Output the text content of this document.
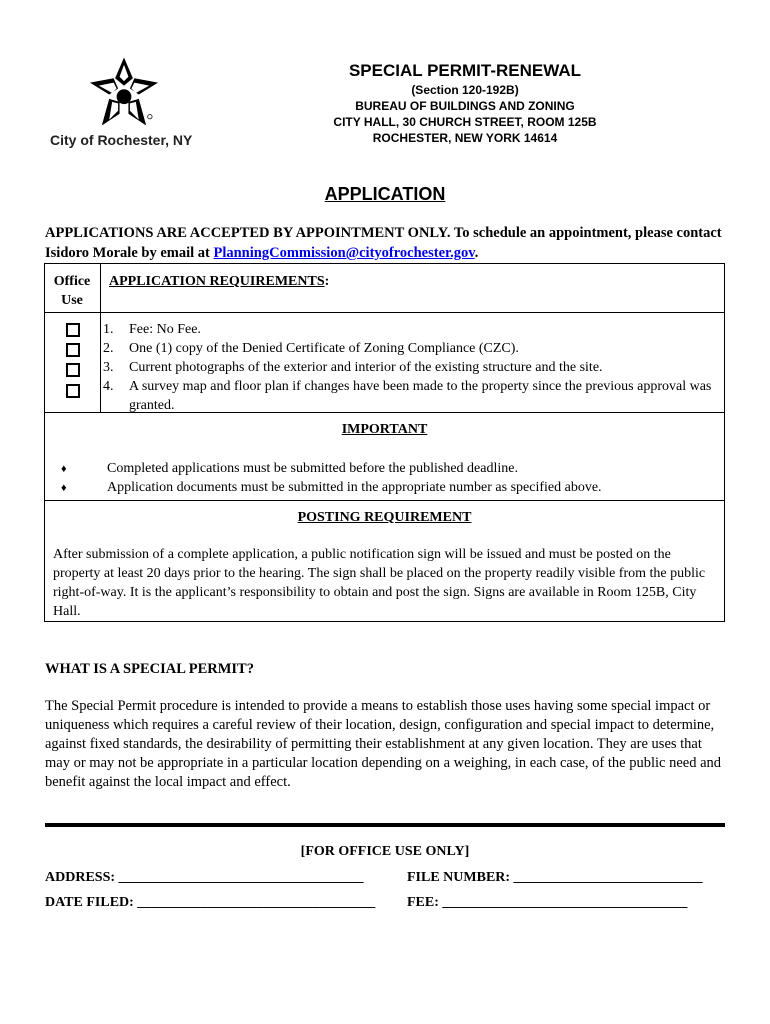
City of Rochester, NY
SPECIAL PERMIT-RENEWAL
(Section 120-192B)
BUREAU OF BUILDINGS AND ZONING
CITY HALL, 30 CHURCH STREET, ROOM 125B
ROCHESTER, NEW YORK 14614
APPLICATION
APPLICATIONS ARE ACCEPTED BY APPOINTMENT ONLY. To schedule an appointment, please contact Isidoro Morale by email at PlanningCommission@cityofrochester.gov.
Office Use
APPLICATION REQUIREMENTS:
1. Fee: No Fee.
2. One (1) copy of the Denied Certificate of Zoning Compliance (CZC).
3. Current photographs of the exterior and interior of the existing structure and the site.
4. A survey map and floor plan if changes have been made to the property since the previous approval was granted.
IMPORTANT
♦	Completed applications must be submitted before the published deadline.
♦	Application documents must be submitted in the appropriate number as specified above.
POSTING REQUIREMENT
After submission of a complete application, a public notification sign will be issued and must be posted on the property at least 20 days prior to the hearing. The sign shall be placed on the property readily visible from the public right-of-way. It is the applicant’s responsibility to obtain and post the sign. Signs are available in Room 125B, City Hall.
WHAT IS A SPECIAL PERMIT?
The Special Permit procedure is intended to provide a means to establish those uses having some special impact or uniqueness which requires a careful review of their location, design, configuration and special impact to determine, against fixed standards, the desirability of permitting their establishment at any given location. They are uses that may or may not be appropriate in a particular location depending on a weighing, in each case, of the public need and benefit against the local impact and effect.
[FOR OFFICE USE ONLY]
ADDRESS: ___________________________________	FILE NUMBER: ___________________________
DATE FILED: __________________________________ FEE: ___________________________________
